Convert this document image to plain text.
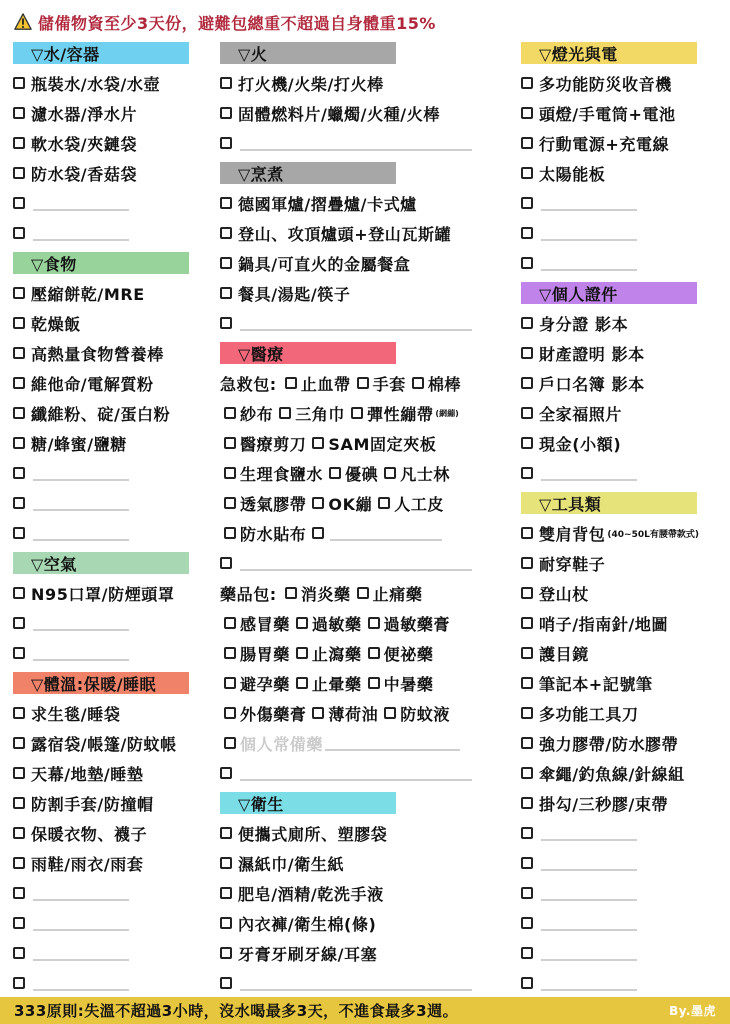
儲備物資至少3天份，避難包總重不超過自身體重15%
▽水/容器
瓶裝水/水袋/水壺
濾水器/淨水片
軟水袋/夾鏈袋
防水袋/香菇袋
▽食物
壓縮餅乾/MRE
乾燥飯
高熱量食物營養棒
維他命/電解質粉
纖維粉、碇/蛋白粉
糖/蜂蜜/鹽糖
▽空氣
N95口罩/防煙頭罩
▽體溫:保暖/睡眠
求生毯/睡袋
露宿袋/帳篷/防蚊帳
天幕/地墊/睡墊
防割手套/防撞帽
保暖衣物、襪子
雨鞋/雨衣/雨套
▽火
打火機/火柴/打火棒
固體燃料片/蠟燭/火種/火棒
▽烹煮
德國軍爐/摺疊爐/卡式爐
登山、攻頂爐頭+登山瓦斯罐
鍋具/可直火的金屬餐盒
餐具/湯匙/筷子
▽醫療
急救包: 止血帶 手套 棉棒
紗布 三角巾 彈性繃帶 (網繃)
醫療剪刀 SAM固定夾板
生理食鹽水 優碘 凡士林
透氣膠帶 OK繃 人工皮
防水貼布
藥品包: 消炎藥 止痛藥
感冒藥 過敏藥 過敏藥膏
腸胃藥 止瀉藥 便祕藥
避孕藥 止暈藥 中暑藥
外傷藥膏 薄荷油 防蚊液
個人常備藥
▽衛生
便攜式廁所、塑膠袋
濕紙巾/衛生紙
肥皂/酒精/乾洗手液
內衣褲/衛生棉(條)
牙膏牙刷牙線/耳塞
▽燈光與電
多功能防災收音機
頭燈/手電筒+電池
行動電源+充電線
太陽能板
▽個人證件
身分證 影本
財產證明 影本
戶口名簿 影本
全家福照片
現金(小額)
▽工具類
雙肩背包 (40~50L有腰帶款式)
耐穿鞋子
登山杖
哨子/指南針/地圖
護目鏡
筆記本+記號筆
多功能工具刀
強力膠帶/防水膠帶
傘繩/釣魚線/針線組
掛勾/三秒膠/束帶
333原則:失溫不超過3小時，沒水喝最多3天，不進食最多3週。	By.墨虎
